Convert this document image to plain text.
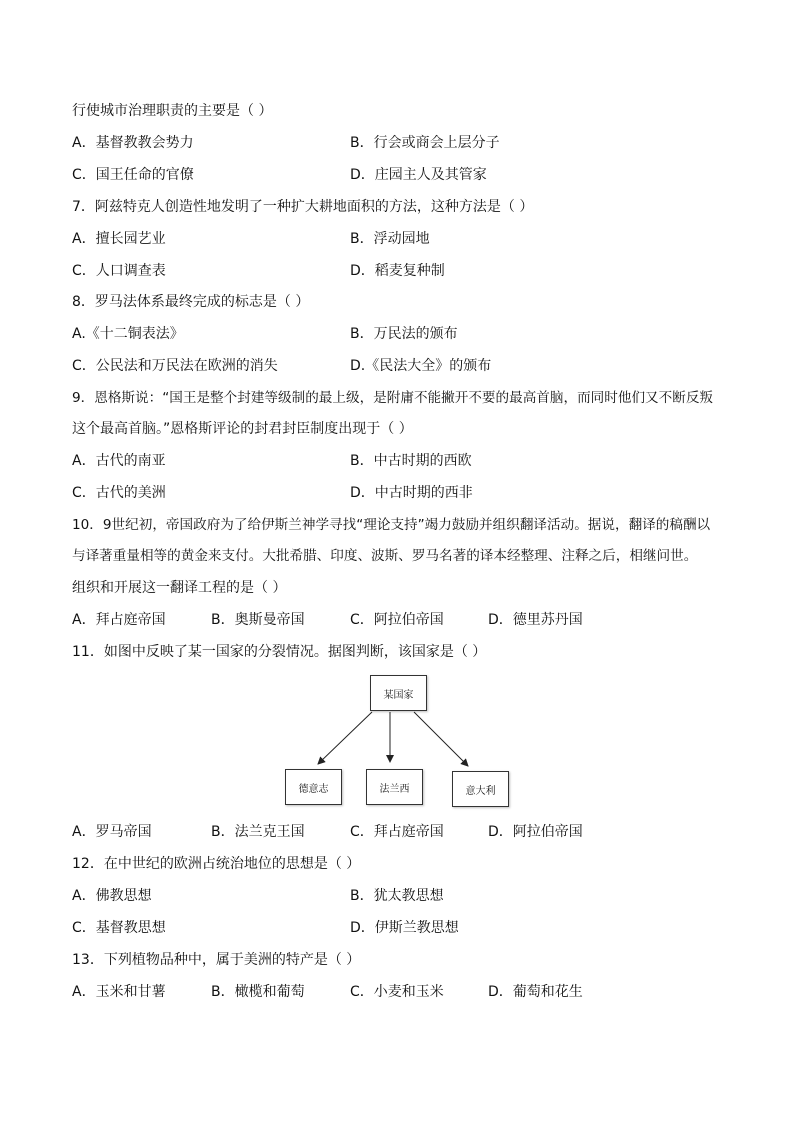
行使城市治理职责的主要是（ ）
A．基督教教会势力	B．行会或商会上层分子
C．国王任命的官僚	D．庄园主人及其管家
7．阿兹特克人创造性地发明了一种扩大耕地面积的方法，这种方法是（ ）
A．擅长园艺业	B．浮动园地
C．人口调查表	D．稻麦复种制
8．罗马法体系最终完成的标志是（ ）
A.《十二铜表法》	B．万民法的颁布
C．公民法和万民法在欧洲的消失	D.《民法大全》的颁布
9．恩格斯说：“国王是整个封建等级制的最上级，是附庸不能撇开不要的最高首脑，而同时他们又不断反叛
这个最高首脑。”恩格斯评论的封君封臣制度出现于（ ）
A．古代的南亚	B．中古时期的西欧
C．古代的美洲	D．中古时期的西非
10．9世纪初，帝国政府为了给伊斯兰神学寻找“理论支持”竭力鼓励并组织翻译活动。据说，翻译的稿酬以
与译著重量相等的黄金来支付。大批希腊、印度、波斯、罗马名著的译本经整理、注释之后，相继问世。
组织和开展这一翻译工程的是（ ）
A．拜占庭帝国	B．奥斯曼帝国	C．阿拉伯帝国	D．德里苏丹国
11．如图中反映了某一国家的分裂情况。据图判断，该国家是（ ）
某国家
德意志	法兰西	意大利
A．罗马帝国	B．法兰克王国	C．拜占庭帝国	D．阿拉伯帝国
12．在中世纪的欧洲占统治地位的思想是（ ）
A．佛教思想	B．犹太教思想
C．基督教思想	D．伊斯兰教思想
13．下列植物品种中，属于美洲的特产是（ ）
A．玉米和甘薯	B．橄榄和葡萄	C．小麦和玉米	D．葡萄和花生
